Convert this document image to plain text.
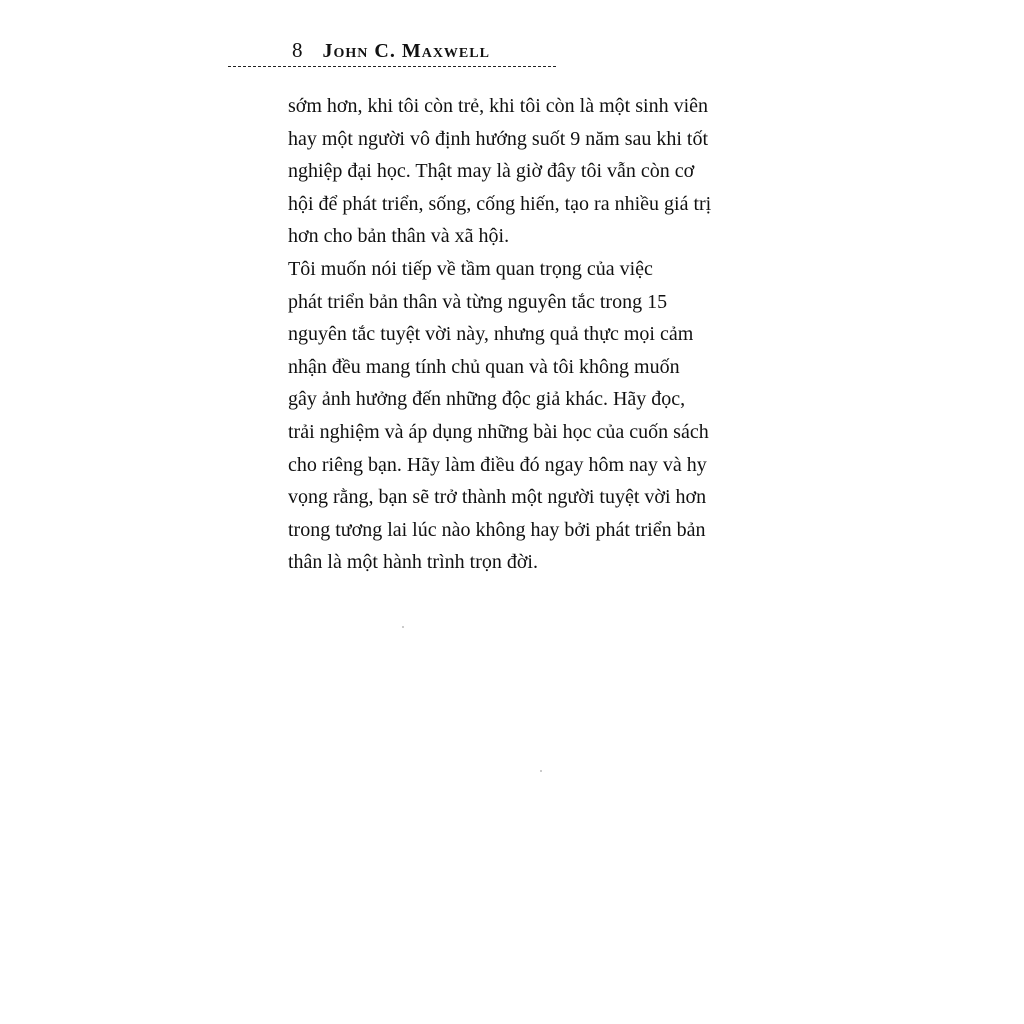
8 John C. Maxwell

sớm hơn, khi tôi còn trẻ, khi tôi còn là một sinh viên
hay một người vô định hướng suốt 9 năm sau khi tốt
nghiệp đại học. Thật may là giờ đây tôi vẫn còn cơ
hội để phát triển, sống, cống hiến, tạo ra nhiều giá trị
hơn cho bản thân và xã hội.

Tôi muốn nói tiếp về tầm quan trọng của việc
phát triển bản thân và từng nguyên tắc trong 15
nguyên tắc tuyệt vời này, nhưng quả thực mọi cảm
nhận đều mang tính chủ quan và tôi không muốn
gây ảnh hưởng đến những độc giả khác. Hãy đọc,
trải nghiệm và áp dụng những bài học của cuốn sách
cho riêng bạn. Hãy làm điều đó ngay hôm nay và hy
vọng rằng, bạn sẽ trở thành một người tuyệt vời hơn
trong tương lai lúc nào không hay bởi phát triển bản
thân là một hành trình trọn đời.
